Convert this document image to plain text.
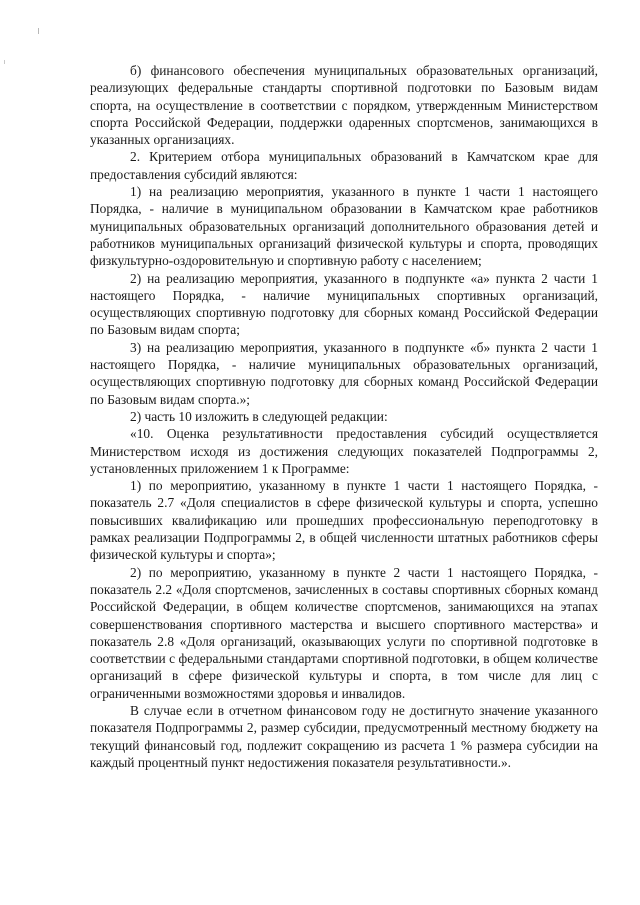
б) финансового обеспечения муниципальных образовательных организаций, реализующих федеральные стандарты спортивной подготовки по Базовым видам спорта, на осуществление в соответствии с порядком, утвержденным Министерством спорта Российской Федерации, поддержки одаренных спортсменов, занимающихся в указанных организациях.

2. Критерием отбора муниципальных образований в Камчатском крае для предоставления субсидий являются:

1) на реализацию мероприятия, указанного в пункте 1 части 1 настоящего Порядка, - наличие в муниципальном образовании в Камчатском крае работников муниципальных образовательных организаций дополнительного образования детей и работников муниципальных организаций физической культуры и спорта, проводящих физкультурно-оздоровительную и спортивную работу с населением;

2) на реализацию мероприятия, указанного в подпункте «а» пункта 2 части 1 настоящего Порядка, - наличие муниципальных спортивных организаций, осуществляющих спортивную подготовку для сборных команд Российской Федерации по Базовым видам спорта;

3) на реализацию мероприятия, указанного в подпункте «б» пункта 2 части 1 настоящего Порядка, - наличие муниципальных образовательных организаций, осуществляющих спортивную подготовку для сборных команд Российской Федерации по Базовым видам спорта.»;

2) часть 10 изложить в следующей редакции:

«10. Оценка результативности предоставления субсидий осуществляется Министерством исходя из достижения следующих показателей Подпрограммы 2, установленных приложением 1 к Программе:

1) по мероприятию, указанному в пункте 1 части 1 настоящего Порядка, - показатель 2.7 «Доля специалистов в сфере физической культуры и спорта, успешно повысивших квалификацию или прошедших профессиональную переподготовку в рамках реализации Подпрограммы 2, в общей численности штатных работников сферы физической культуры и спорта»;

2) по мероприятию, указанному в пункте 2 части 1 настоящего Порядка, - показатель 2.2 «Доля спортсменов, зачисленных в составы спортивных сборных команд Российской Федерации, в общем количестве спортсменов, занимающихся на этапах совершенствования спортивного мастерства и высшего спортивного мастерства» и показатель 2.8 «Доля организаций, оказывающих услуги по спортивной подготовке в соответствии с федеральными стандартами спортивной подготовки, в общем количестве организаций в сфере физической культуры и спорта, в том числе для лиц с ограниченными возможностями здоровья и инвалидов.

В случае если в отчетном финансовом году не достигнуто значение указанного показателя Подпрограммы 2, размер субсидии, предусмотренный местному бюджету на текущий финансовый год, подлежит сокращению из расчета 1 % размера субсидии на каждый процентный пункт недостижения показателя результативности.».
